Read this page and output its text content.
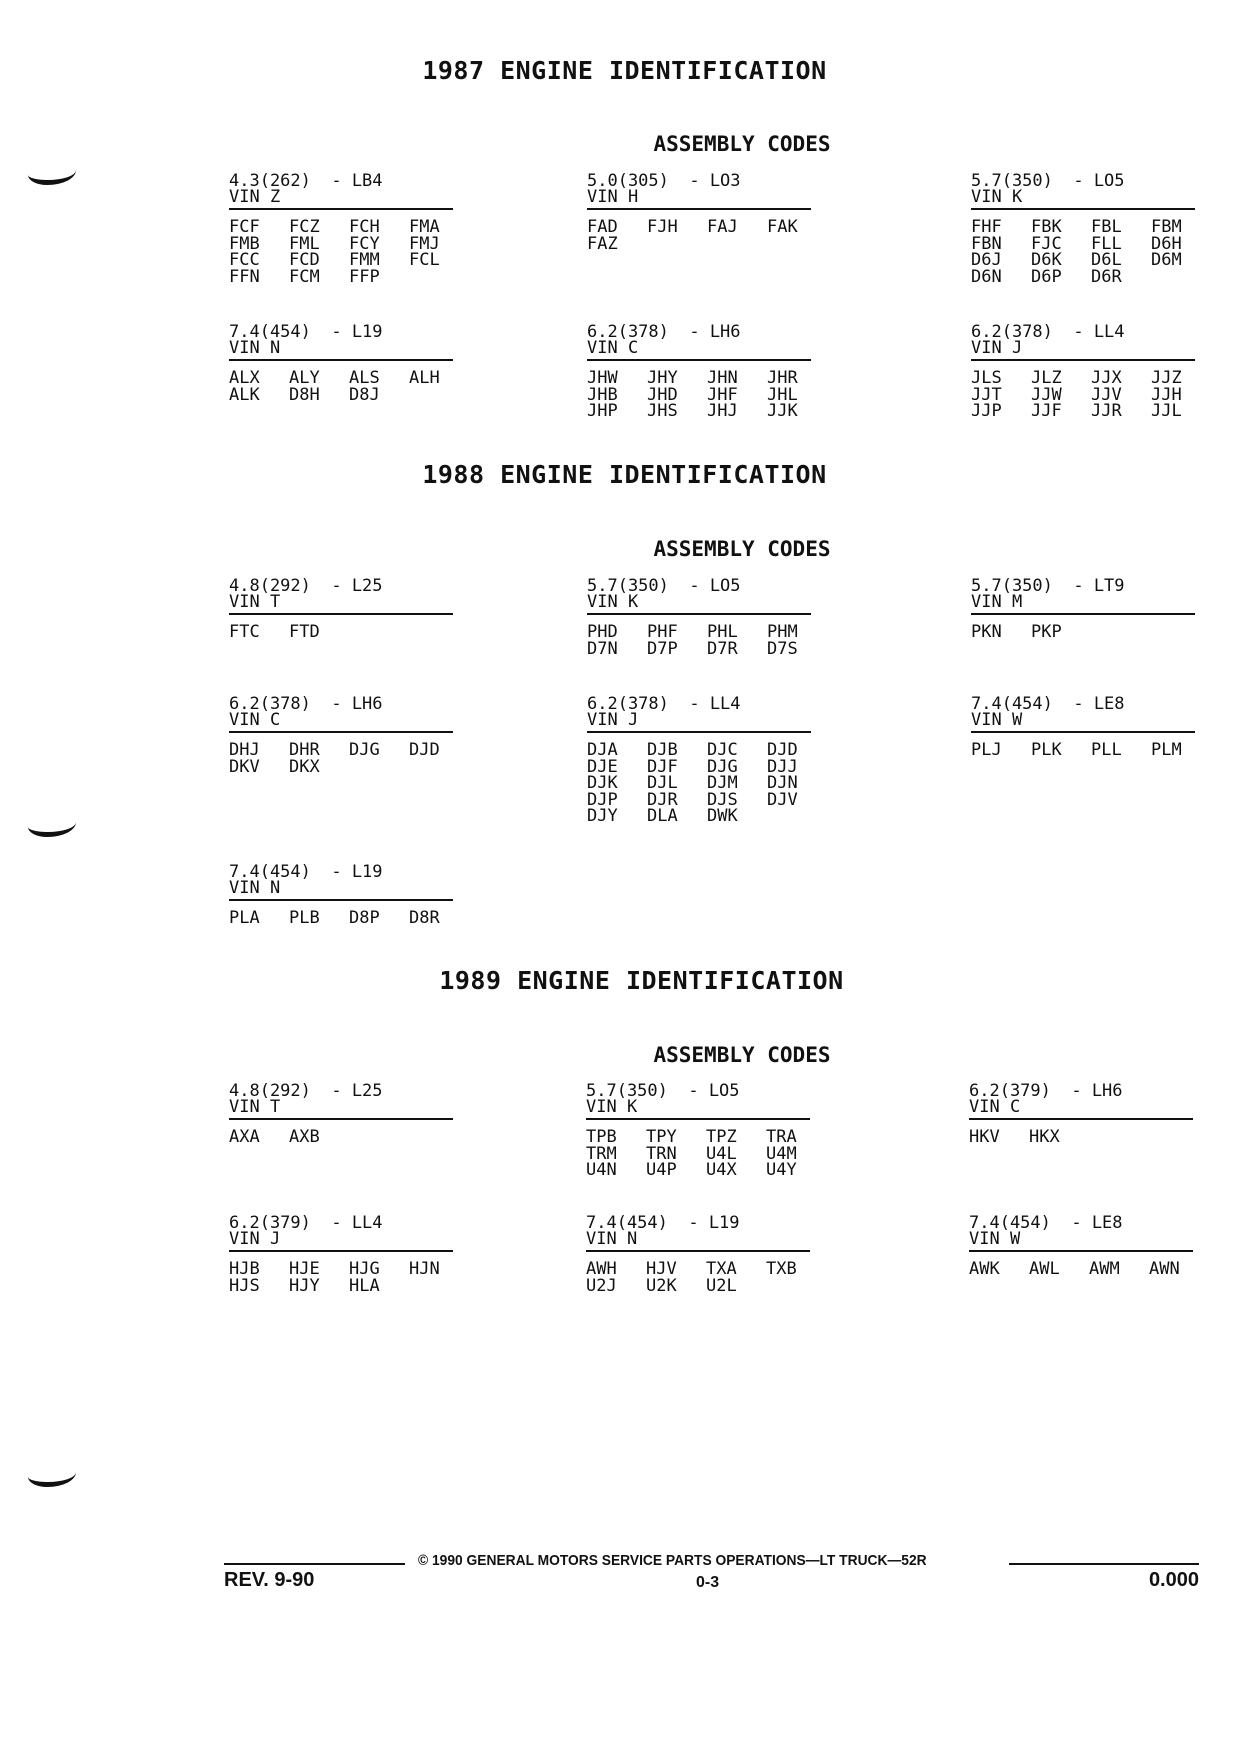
1987 ENGINE IDENTIFICATION
ASSEMBLY CODES
4.3(262)  - LB4
VIN Z
FCF	FCZ	FCH	FMA
FMB	FML	FCY	FMJ
FCC	FCD	FMM	FCL
FFN	FCM	FFP
5.0(305)  - LO3
VIN H
FAD	FJH	FAJ	FAK
FAZ
5.7(350)  - LO5
VIN K
FHF	FBK	FBL	FBM
FBN	FJC	FLL	D6H
D6J	D6K	D6L	D6M
D6N	D6P	D6R
7.4(454)  - L19
VIN N
ALX	ALY	ALS	ALH
ALK	D8H	D8J
6.2(378)  - LH6
VIN C
JHW	JHY	JHN	JHR
JHB	JHD	JHF	JHL
JHP	JHS	JHJ	JJK
6.2(378)  - LL4
VIN J
JLS	JLZ	JJX	JJZ
JJT	JJW	JJV	JJH
JJP	JJF	JJR	JJL
1988 ENGINE IDENTIFICATION
ASSEMBLY CODES
4.8(292)  - L25
VIN T
FTC	FTD
5.7(350)  - LO5
VIN K
PHD	PHF	PHL	PHM
D7N	D7P	D7R	D7S
5.7(350)  - LT9
VIN M
PKN	PKP
6.2(378)  - LH6
VIN C
DHJ	DHR	DJG	DJD
DKV	DKX
6.2(378)  - LL4
VIN J
DJA	DJB	DJC	DJD
DJE	DJF	DJG	DJJ
DJK	DJL	DJM	DJN
DJP	DJR	DJS	DJV
DJY	DLA	DWK
7.4(454)  - LE8
VIN W
PLJ	PLK	PLL	PLM
7.4(454)  - L19
VIN N
PLA	PLB	D8P	D8R
1989 ENGINE IDENTIFICATION
ASSEMBLY CODES
4.8(292)  - L25
VIN T
AXA	AXB
5.7(350)  - LO5
VIN K
TPB	TPY	TPZ	TRA
TRM	TRN	U4L	U4M
U4N	U4P	U4X	U4Y
6.2(379)  - LH6
VIN C
HKV	HKX
6.2(379)  - LL4
VIN J
HJB	HJE	HJG	HJN
HJS	HJY	HLA
7.4(454)  - L19
VIN N
AWH	HJV	TXA	TXB
U2J	U2K	U2L
7.4(454)  - LE8
VIN W
AWK	AWL	AWM	AWN
© 1990 GENERAL MOTORS SERVICE PARTS OPERATIONS—LT TRUCK—52R
REV. 9-90	0-3	0.000
